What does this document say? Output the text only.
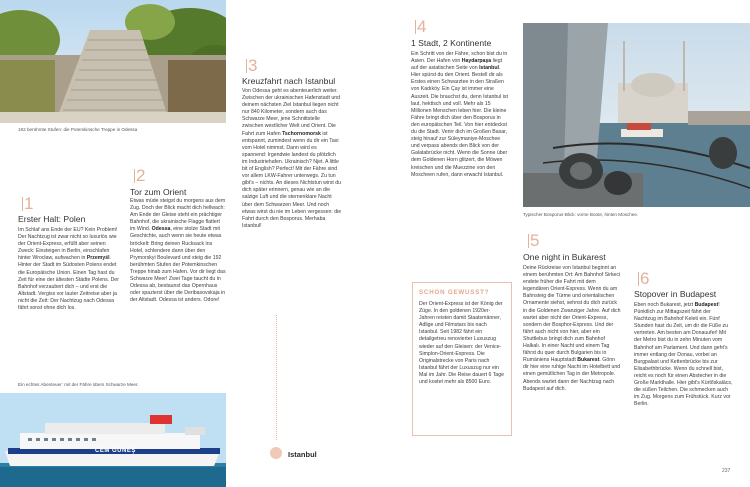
192 berühmte Stufen: die Potemkinsche Treppe in Odessa
1
Erster Halt: Polen
Im Schlaf ans Ende der EU? Kein Problem! Der Nachtzug ist zwar nicht so luxuriös wie der Orient-Express, erfüllt aber seinen Zweck: Einsteigen in Berlin, einschlafen hinter Wrocław, aufwachen in Przemyśl. Hinter der Stadt im Südosten Polens endet die Europäische Union. Einen Tag hast du Zeit für eine der ältesten Städte Polens. Der Bahnhof verzaubert dich – und erst die Altstadt. Vergiss vor lauter Zeitreise aber ja nicht die Zeit: Der Nachtzug nach Odessa fährt sonst ohne dich los.
2
Tor zum Orient
Etwas müde steigst du morgens aus dem Zug. Doch der Blick macht dich hellwach: Am Ende der Gleise steht ein prächtiger Bahnhof, die ukrainische Flagge flattert im Wind. Odessa, eine stolze Stadt mit Geschichte, auch wenn sie heute etwas bröckelt: Bring deinen Rucksack ins Hotel, schlendere dann über den Prymorskyi Boulevard und steig die 192 berühmten Stufen der Potemkinschen Treppe hinab zum Hafen. Vor dir liegt das Schwarze Meer! Zwei Tage taucht du in Odessa ab, bestaunst das Opernhaus oder spazierst über die Deribasovskaja in der Altstadt. Odessa ist anders. Odore!
Ein echtes Abenteuer: mit der Fähre übers Schwarze Meer.
CEM GÜNEŞ
3
Kreuzfahrt nach Istanbul
Von Odessa geht es abenteuerlich weiter. Zwischen der ukrainischen Hafenstadt und deinem nächsten Ziel Istanbul liegen nicht nur 840 Kilometer, sondern auch das Schwarze Meer, jene Schnittstelle zwischen westlicher Welt und Orient. Die Fahrt zum Hafen Tschornomorsk ist entspannt, zumindest wenn du dir ein Taxi vom Hotel nimmst. Dann wird es spannend: Irgendwie landest du plötzlich im Industriehafen. Ukrainisch? Njet. A little bit of English? Perfect! Mit der Fähre sind vor allem LKW-Fahrer unterwegs. Zu tun gibt's – nichts. An dieses Nichtstun wirst du dich später erinnern, genau wie an die salzige Luft und die sternenklare Nacht über dem Schwarzen Meer. Und noch etwas wirst du nie im Leben vergessen: die Fahrt durch den Bosporus. Merhaba Istanbul!
Istanbul
SCHON GEWUSST?
Der Orient-Express ist der König der Züge. In den goldenen 1920er-Jahren reisten damit Staatsmänner, Adlige und Filmstars bis nach Istanbul. Seit 1982 fährt ein detailgetreu renovierter Luxuszug wieder auf den Gleisen: der Venice-Simplon-Orient-Express. Die Originalstrecke von Paris nach Istanbul fährt der Luxuszug nur ein Mal im Jahr. Die Reise dauert 6 Tage und kostet mehr als 8500 Euro.
4
1 Stadt, 2 Kontinente
Ein Schritt von der Fähre, schon bist du in Asien. Der Hafen von Haydarpaşa liegt auf der asiatischen Seite von Istanbul. Hier spürst du den Orient. Bestell dir als Erstes einen Schwarztee in den Straßen von Kadıköy. Ein Çay ist immer eine Auszeit. Die brauchst du, denn Istanbul ist laut, hektisch und voll. Mehr als 15 Millionen Menschen leben hier. Die kleine Fähre bringt dich über den Bosporus in den europäischen Teil. Von hier entdeckst du die Stadt. Verirr dich im Großen Basar, steig hinauf zur Süleymaniye-Moschee und verpass abends den Blick von der Galatabrücke nicht. Wenn die Sonne über dem Goldenen Horn glitzert, die Möwen kreischen und die Muezzine von den Moscheen rufen, dann erwacht Istanbul.
Typischer Bosporus-Blick: vorne Boote, hinten Moschee.
5
One night in Bukarest
Deine Rückreise von Istanbul beginnt an einem berühmten Ort: Am Bahnhof Sirkeci endete früher die Fahrt mit dem legendären Orient-Express. Wenn du am Bahnsteig die Türme und orientalischen Ornamente siehst, sehnst du dich zurück in die Goldenen Zwanziger Jahre. Auf dich wartet aber nicht der Orient-Express, sondern der Bosphor-Express. Und der fährt auch nicht von hier, aber ein Shuttlebus bringt dich zum Bahnhof Halkalı. In einer Nacht und einem Tag fährst du quer durch Bulgarien bis in Rumäniens Hauptstadt Bukarest. Gönn dir hier eine ruhige Nacht im Hotelbett und einen gemütlichen Tag in der Metropole. Abends wartet dann der Nachtzug nach Budapest auf dich.
6
Stopover in Budapest
Eben noch Bukarest, jetzt Budapest! Pünktlich zur Mittagszeit fährt der Nachtzug im Bahnhof Keleti ein. Fünf Stunden hast du Zeit, um dir die Füße zu vertreten. Am besten am Donauufer! Mit der Metro bist du in zehn Minuten vom Bahnhof am Parlament. Und dann geht's immer entlang der Donau, vorbei an Burgpalast und Kettenbrücke bis zur Elisabethbrücke. Wenn du schnell bist, reicht es noch für einen Abstecher in die Große Markthalle. Hier gibt's Kürtőskalács, die süßen Teilchen. Die schmecken auch im Zug. Morgens zum Frühstück. Kurz vor Berlin.
237
